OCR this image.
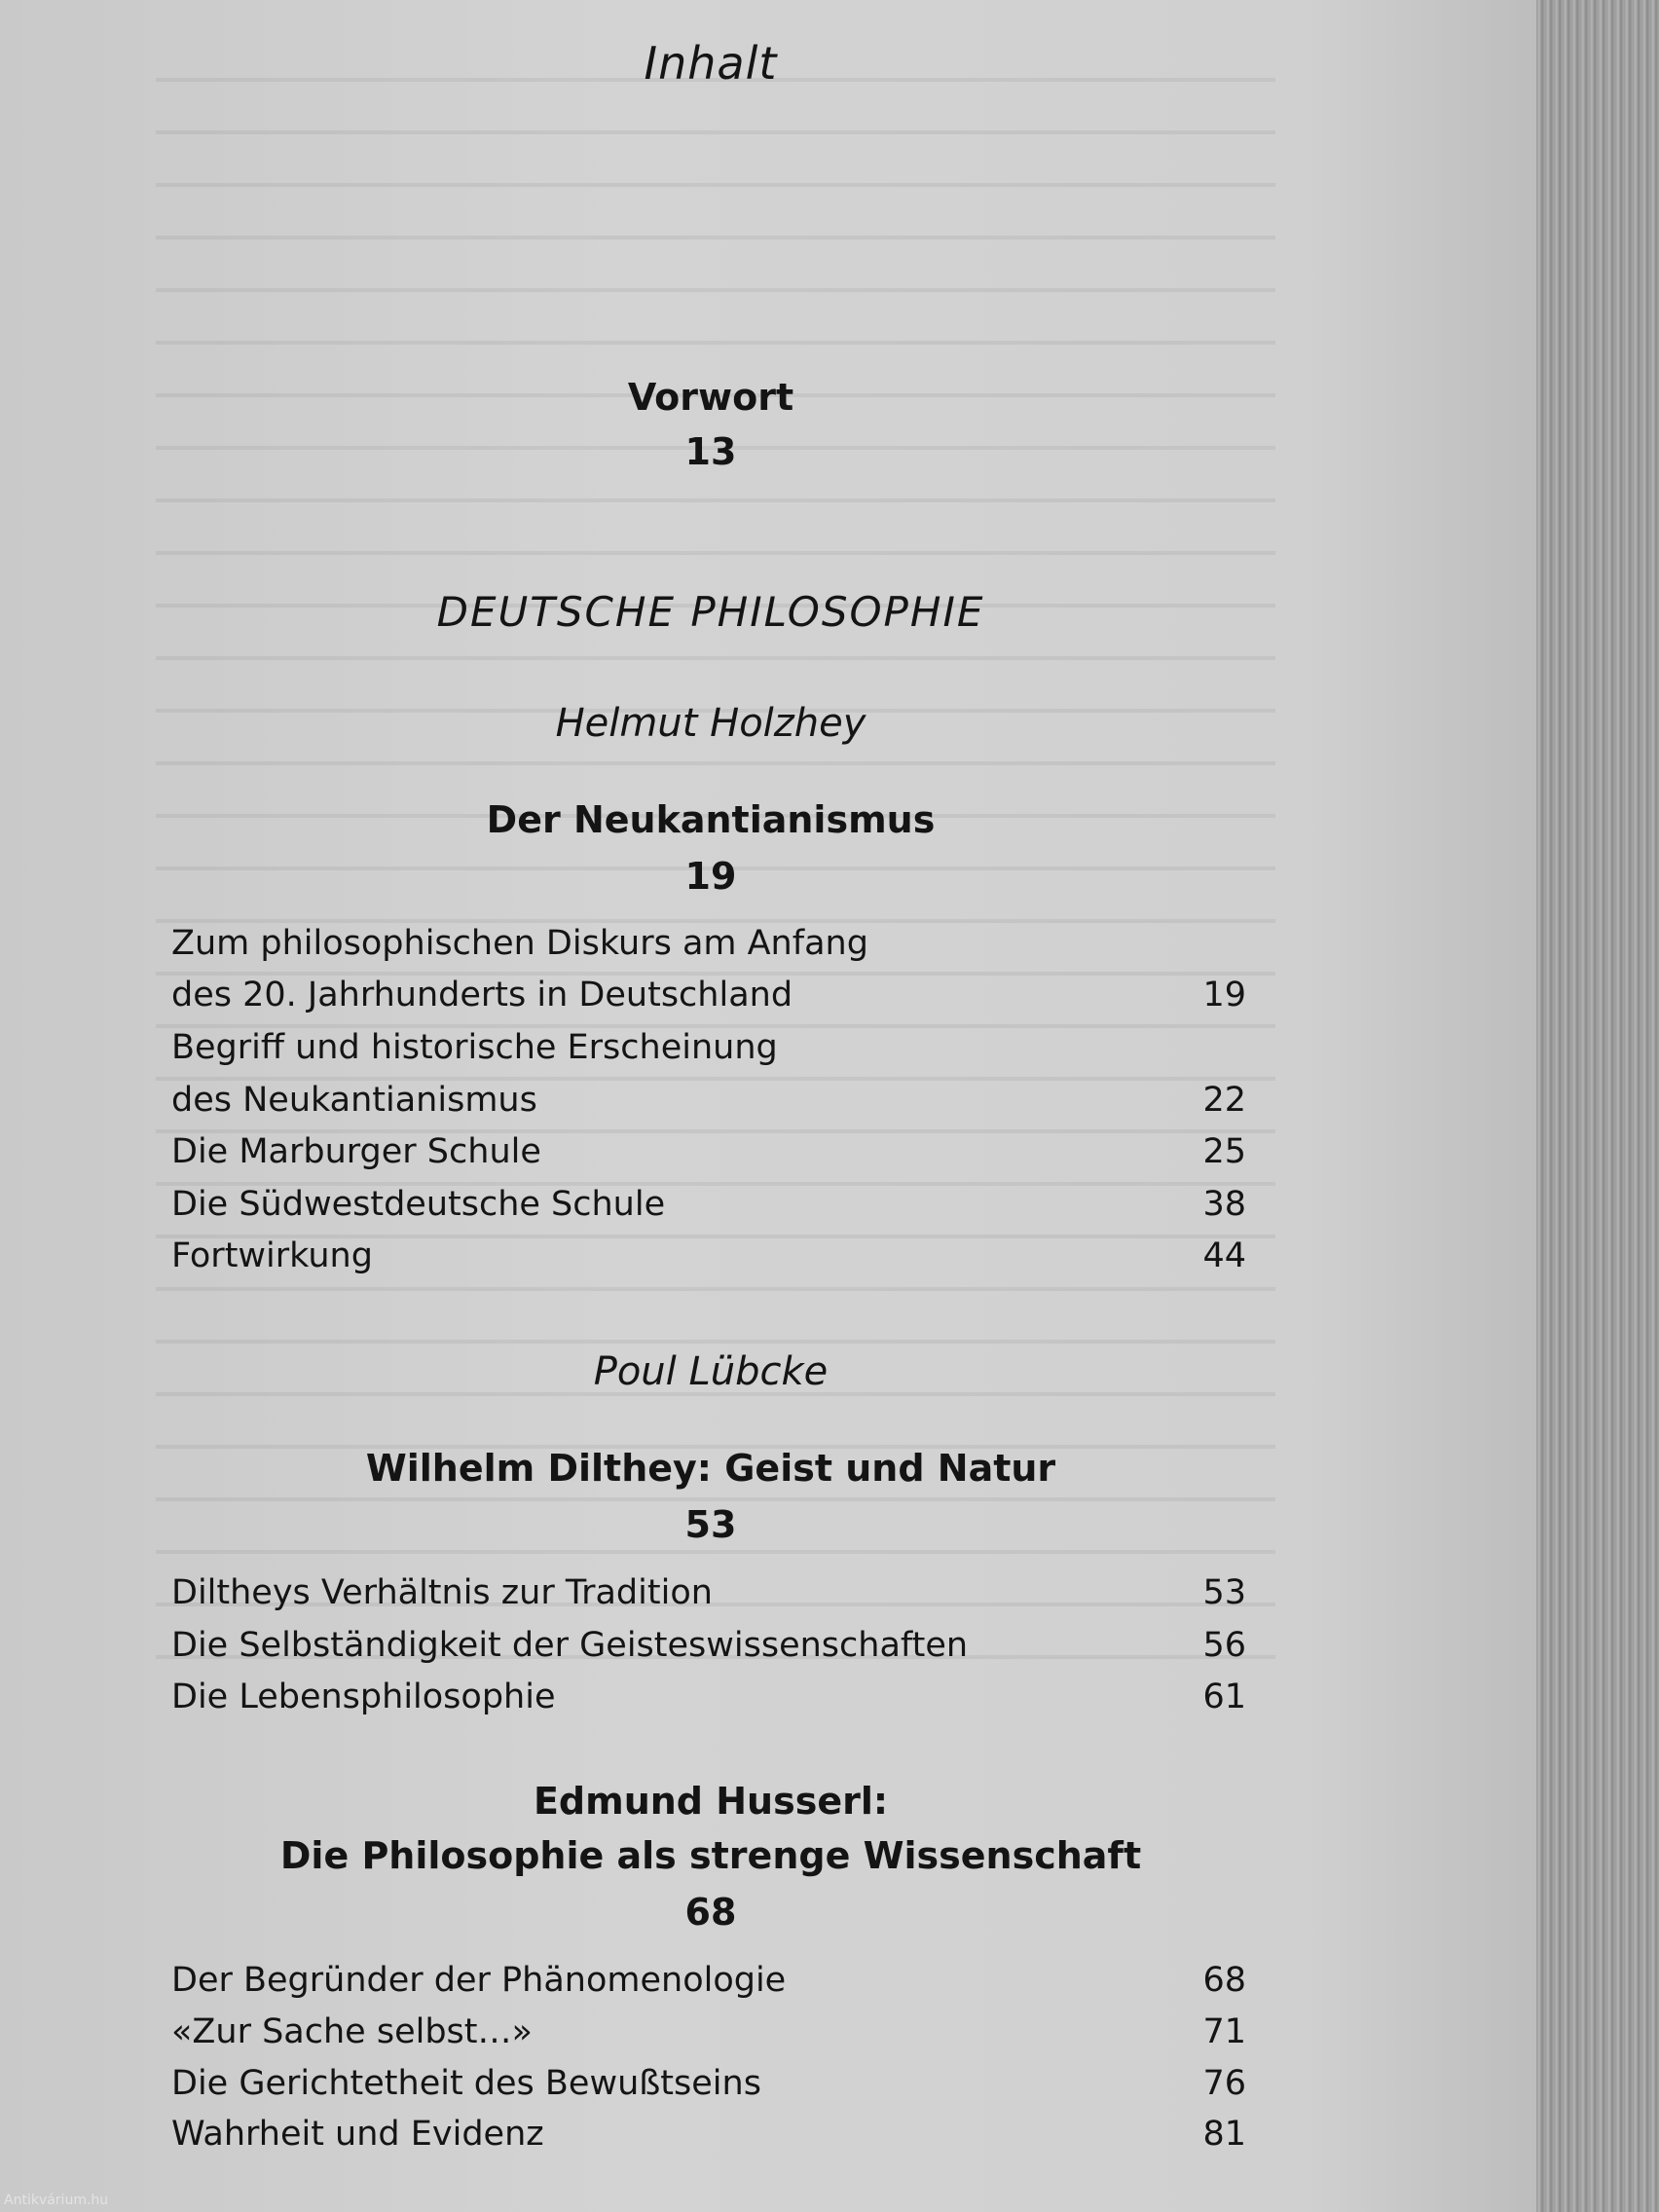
Inhalt
Vorwort
13
DEUTSCHE PHILOSOPHIE
Helmut Holzhey
Der Neukantianismus
19
Zum philosophischen Diskurs am Anfang
des 20. Jahrhunderts in Deutschland	19
Begriff und historische Erscheinung
des Neukantianismus	22
Die Marburger Schule	25
Die Südwestdeutsche Schule	38
Fortwirkung	44
Poul Lübcke
Wilhelm Dilthey: Geist und Natur
53
Diltheys Verhältnis zur Tradition	53
Die Selbständigkeit der Geisteswissenschaften	56
Die Lebensphilosophie	61
Edmund Husserl:
Die Philosophie als strenge Wissenschaft
68
Der Begründer der Phänomenologie	68
«Zur Sache selbst…»	71
Die Gerichtetheit des Bewußtseins	76
Wahrheit und Evidenz	81
Antikvárium.hu
